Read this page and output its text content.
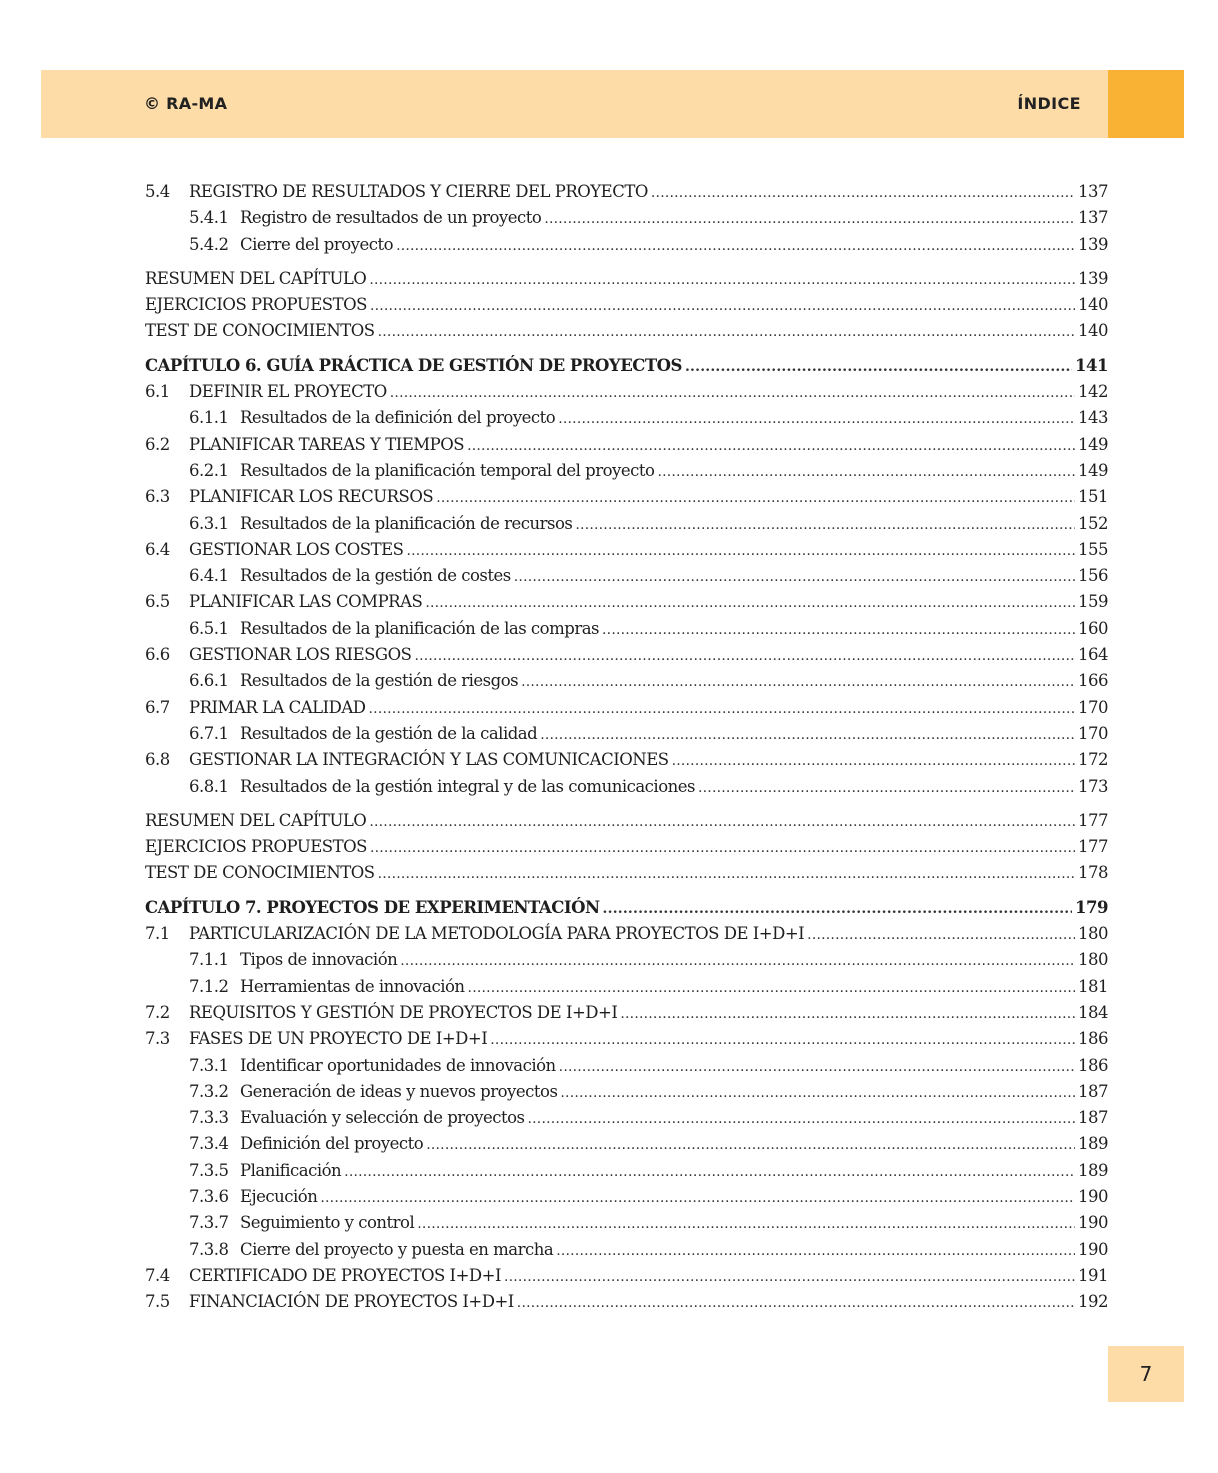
© RA-MA	ÍNDICE
5.4	REGISTRO DE RESULTADOS Y CIERRE DEL PROYECTO .....	137
5.4.1 Registro de resultados de un proyecto .....	137
5.4.2 Cierre del proyecto .....	139
RESUMEN DEL CAPÍTULO .....	139
EJERCICIOS PROPUESTOS .....	140
TEST DE CONOCIMIENTOS .....	140
CAPÍTULO 6. GUÍA PRÁCTICA DE GESTIÓN DE PROYECTOS .....	141
6.1	DEFINIR EL PROYECTO .....	142
6.1.1 Resultados de la definición del proyecto .....	143
6.2	PLANIFICAR TAREAS Y TIEMPOS .....	149
6.2.1 Resultados de la planificación temporal del proyecto .....	149
6.3	PLANIFICAR LOS RECURSOS .....	151
6.3.1 Resultados de la planificación de recursos .....	152
6.4	GESTIONAR LOS COSTES .....	155
6.4.1 Resultados de la gestión de costes .....	156
6.5	PLANIFICAR LAS COMPRAS .....	159
6.5.1 Resultados de la planificación de las compras .....	160
6.6	GESTIONAR LOS RIESGOS .....	164
6.6.1 Resultados de la gestión de riesgos .....	166
6.7	PRIMAR LA CALIDAD .....	170
6.7.1 Resultados de la gestión de la calidad .....	170
6.8	GESTIONAR LA INTEGRACIÓN Y LAS COMUNICACIONES .....	172
6.8.1 Resultados de la gestión integral y de las comunicaciones .....	173
RESUMEN DEL CAPÍTULO .....	177
EJERCICIOS PROPUESTOS .....	177
TEST DE CONOCIMIENTOS .....	178
CAPÍTULO 7. PROYECTOS DE EXPERIMENTACIÓN .....	179
7.1	PARTICULARIZACIÓN DE LA METODOLOGÍA PARA PROYECTOS DE I+D+I .....	180
7.1.1 Tipos de innovación .....	180
7.1.2 Herramientas de innovación .....	181
7.2	REQUISITOS Y GESTIÓN DE PROYECTOS DE I+D+I .....	184
7.3	FASES DE UN PROYECTO DE I+D+I .....	186
7.3.1 Identificar oportunidades de innovación .....	186
7.3.2 Generación de ideas y nuevos proyectos .....	187
7.3.3 Evaluación y selección de proyectos .....	187
7.3.4 Definición del proyecto .....	189
7.3.5 Planificación .....	189
7.3.6 Ejecución .....	190
7.3.7 Seguimiento y control .....	190
7.3.8 Cierre del proyecto y puesta en marcha .....	190
7.4	CERTIFICADO DE PROYECTOS I+D+I .....	191
7.5	FINANCIACIÓN DE PROYECTOS I+D+I .....	192
7
